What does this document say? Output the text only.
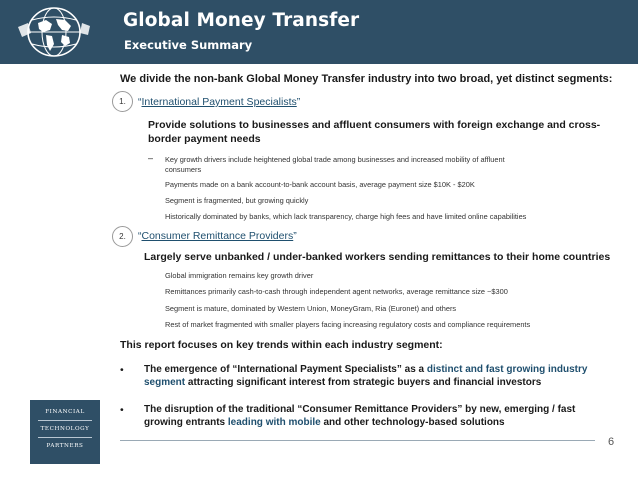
Global Money Transfer
Executive Summary
We divide the non-bank Global Money Transfer industry into two broad, yet distinct segments:
1.	“International Payment Specialists”
Provide solutions to businesses and affluent consumers with foreign exchange and cross-
border payment needs
– Key growth drivers include heightened global trade among businesses and increased mobility of affluent
consumers
Payments made on a bank account-to-bank account basis, average payment size $10K - $20K
Segment is fragmented, but growing quickly
Historically dominated by banks, which lack transparency, charge high fees and have limited online capabilities
2.	“Consumer Remittance Providers”
Largely serve unbanked / under-banked workers sending remittances to their home countries
Global immigration remains key growth driver
Remittances primarily cash-to-cash through independent agent networks, average remittance size ~$300
Segment is mature, dominated by Western Union, MoneyGram, Ria (Euronet) and others
Rest of market fragmented with smaller players facing increasing regulatory costs and compliance requirements
This report focuses on key trends within each industry segment:
• The emergence of “International Payment Specialists” as a distinct and fast growing industry
segment attracting significant interest from strategic buyers and financial investors
• The disruption of the traditional “Consumer Remittance Providers” by new, emerging / fast
growing entrants leading with mobile and other technology-based solutions
6
FINANCIAL
TECHNOLOGY
PARTNERS
